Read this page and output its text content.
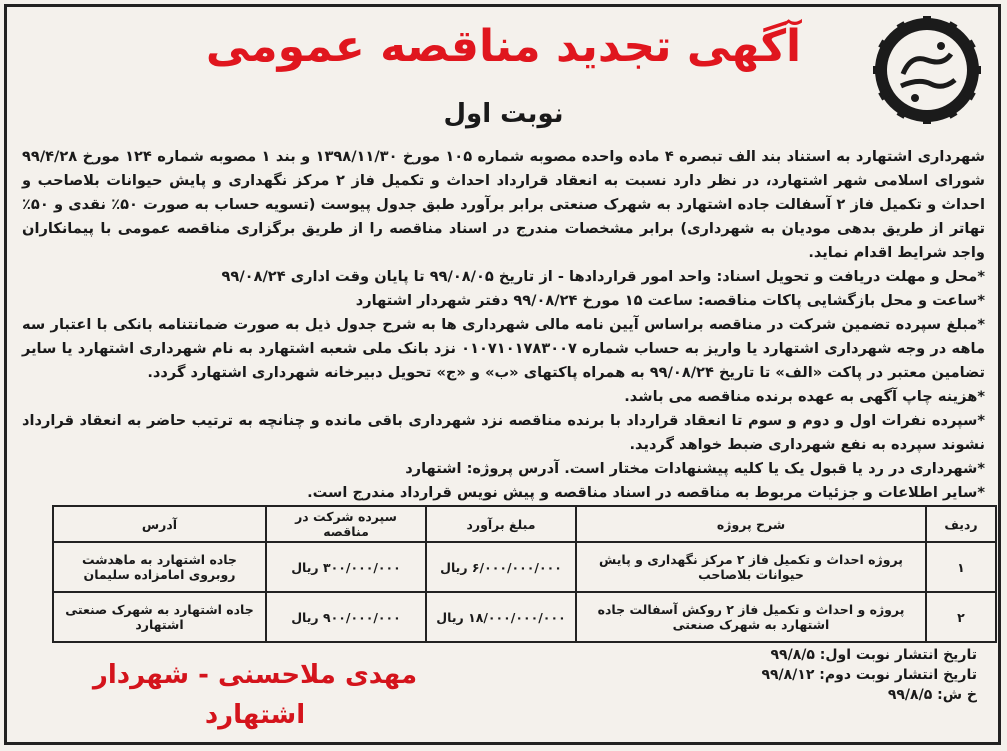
آگهی تجدید مناقصه عمومی
نوبت اول

شهرداری اشتهارد به استناد بند الف تبصره ۴ ماده واحده مصوبه شماره ۱۰۵ مورخ ۱۳۹۸/۱۱/۳۰ و بند ۱ مصوبه شماره ۱۲۴ مورخ ۹۹/۴/۲۸ شورای اسلامی شهر اشتهارد، در نظر دارد نسبت به انعقاد قرارداد احداث و تکمیل فاز ۲ مرکز نگهداری و پایش حیوانات بلاصاحب و احداث و تکمیل فاز ۲ آسفالت جاده اشتهارد به شهرک صنعتی برابر برآورد طبق جدول پیوست (تسویه حساب به صورت ۵۰٪ نقدی و ۵۰٪ تهاتر از طریق بدهی مودیان به شهرداری) برابر مشخصات مندرج در اسناد مناقصه را از طریق برگزاری مناقصه عمومی با پیمانکاران واجد شرایط اقدام نماید.

* محل و مهلت دریافت و تحویل اسناد: واحد امور قراردادها - از تاریخ ۹۹/۰۸/۰۵ تا پایان وقت اداری ۹۹/۰۸/۲۴

* ساعت و محل بازگشایی پاکات مناقصه: ساعت ۱۵ مورخ ۹۹/۰۸/۲۴ دفتر شهردار اشتهارد

* مبلغ سپرده تضمین شرکت در مناقصه براساس آیین نامه مالی شهرداری ها به شرح جدول ذیل به صورت ضمانتنامه بانکی با اعتبار سه ماهه در وجه شهرداری اشتهارد یا واریز به حساب شماره ۰۱۰۷۱۰۱۷۸۳۰۰۷ نزد بانک ملی شعبه اشتهارد به نام شهرداری اشتهارد یا سایر تضامین معتبر در پاکت «الف» تا تاریخ ۹۹/۰۸/۲۴ به همراه پاکتهای «ب» و «ج» تحویل دبیرخانه شهرداری اشتهارد گردد.

* هزینه چاپ آگهی به عهده برنده مناقصه می باشد.

* سپرده نفرات اول و دوم و سوم تا انعقاد قرارداد با برنده مناقصه نزد شهرداری باقی مانده و چنانچه به ترتیب حاضر به انعقاد قرارداد نشوند سپرده به نفع شهرداری ضبط خواهد گردید.

* شهرداری در رد یا قبول یک یا کلیه پیشنهادات مختار است. آدرس پروژه: اشتهارد

* سایر اطلاعات و جزئیات مربوط به مناقصه در اسناد مناقصه و پیش نویس قرارداد مندرج است.

ردیف	شرح پروژه	مبلغ برآورد	سپرده شرکت در مناقصه	آدرس
۱	پروژه احداث و تکمیل فاز ۲ مرکز نگهداری و پایش حیوانات بلاصاحب	۶/۰۰۰/۰۰۰/۰۰۰ ریال	۳۰۰/۰۰۰/۰۰۰ ریال	جاده اشتهارد به ماهدشت روبروی امامزاده سلیمان
۲	پروژه و احداث و تکمیل فاز ۲ روکش آسفالت جاده اشتهارد به شهرک صنعتی	۱۸/۰۰۰/۰۰۰/۰۰۰ ریال	۹۰۰/۰۰۰/۰۰۰ ریال	جاده اشتهارد به شهرک صنعتی اشتهارد
مهدی ملاحسنی - شهردار اشتهارد
تاریخ انتشار نوبت اول: ۹۹/۸/۵
تاریخ انتشار نوبت دوم: ۹۹/۸/۱۲
خ ش: ۹۹/۸/۵
